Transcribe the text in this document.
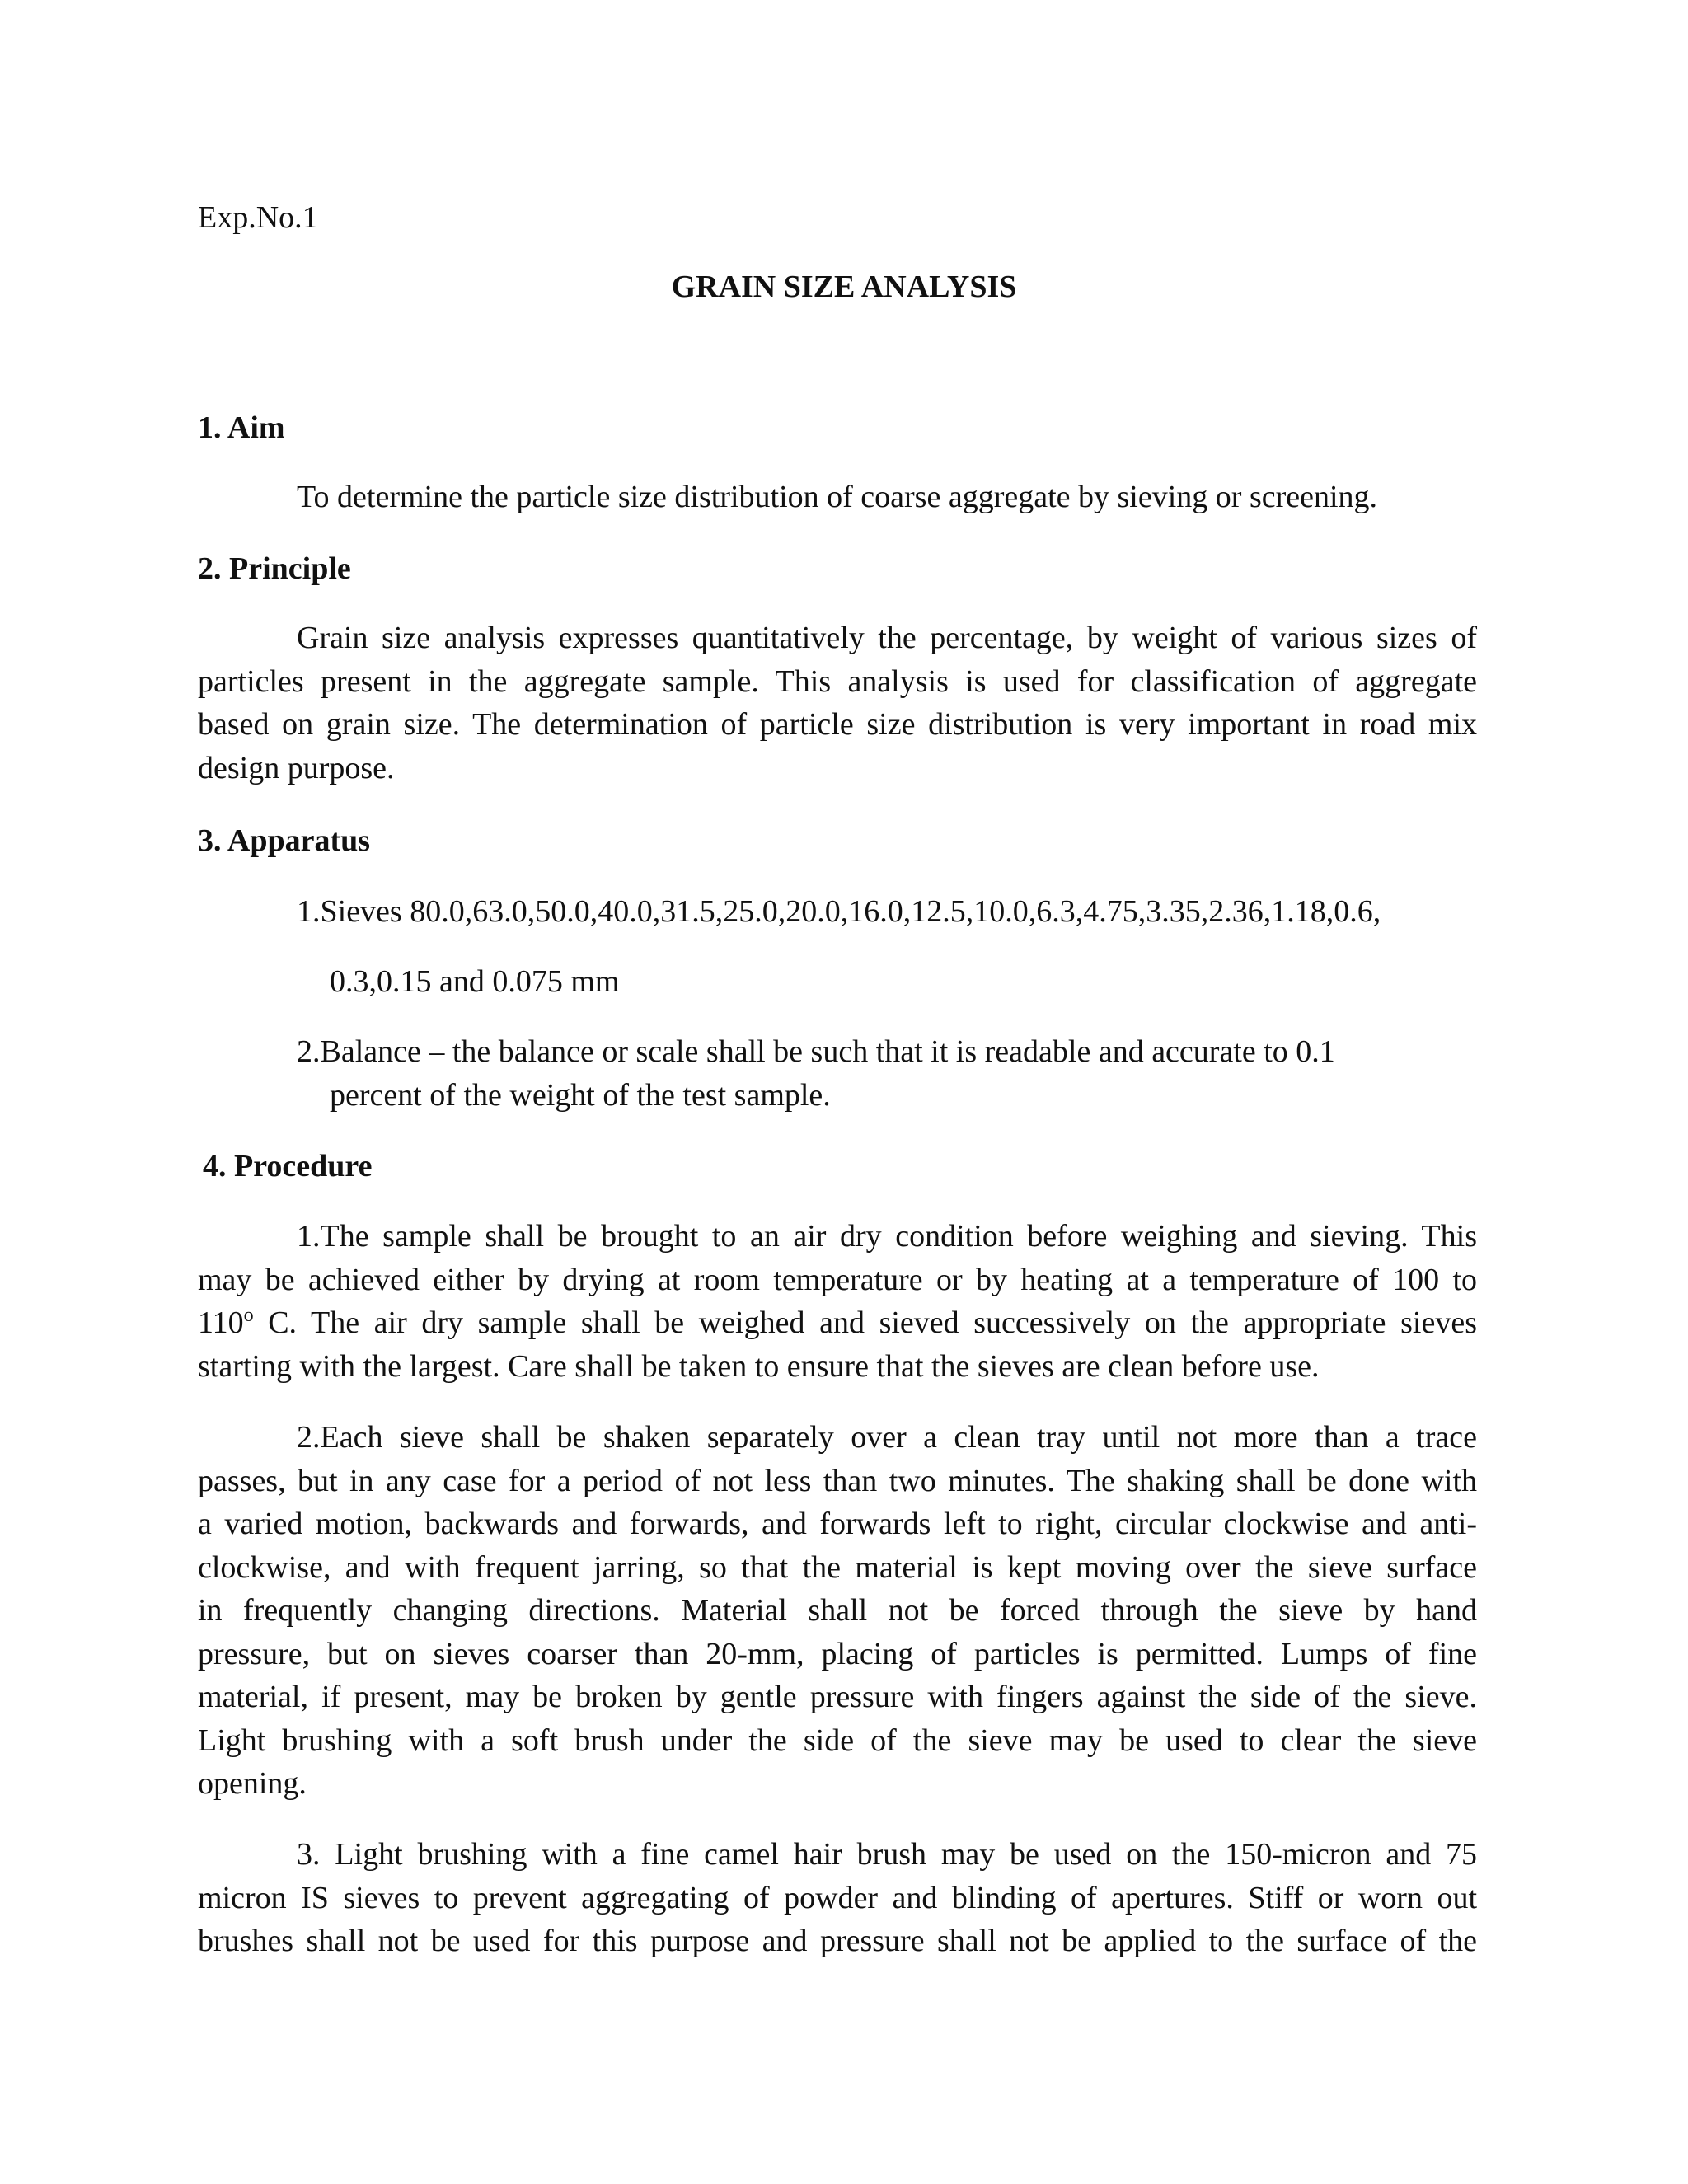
Exp.No.1
GRAIN SIZE ANALYSIS
1. Aim
To determine the particle size distribution of coarse aggregate by sieving or screening.
2. Principle
Grain size analysis expresses quantitatively the percentage, by weight of various sizes of
particles present in the aggregate sample. This analysis is used for classification of aggregate
based on grain size. The determination of particle size distribution is very important in road mix
design purpose.
3. Apparatus
1.Sieves 80.0,63.0,50.0,40.0,31.5,25.0,20.0,16.0,12.5,10.0,6.3,4.75,3.35,2.36,1.18,0.6,
0.3,0.15 and 0.075 mm
2.Balance – the balance or scale shall be such that it is readable and accurate to 0.1
percent of the weight of the test sample.
4. Procedure
1.The sample shall be brought to an air dry condition before weighing and sieving. This
may be achieved either by drying at room temperature or by heating at a temperature of 100 to
110$^o$ C. The air dry sample shall be weighed and sieved successively on the appropriate sieves
starting with the largest. Care shall be taken to ensure that the sieves are clean before use.
2.Each sieve shall be shaken separately over a clean tray until not more than a trace
passes, but in any case for a period of not less than two minutes. The shaking shall be done with
a varied motion, backwards and forwards, and forwards left to right, circular clockwise and anti-
clockwise, and with frequent jarring, so that the material is kept moving over the sieve surface
in frequently changing directions. Material shall not be forced through the sieve by hand
pressure, but on sieves coarser than 20-mm, placing of particles is permitted. Lumps of fine
material, if present, may be broken by gentle pressure with fingers against the side of the sieve.
Light brushing with a soft brush under the side of the sieve may be used to clear the sieve
opening.
3. Light brushing with a fine camel hair brush may be used on the 150-micron and 75
micron IS sieves to prevent aggregating of powder and blinding of apertures. Stiff or worn out
brushes shall not be used for this purpose and pressure shall not be applied to the surface of the
